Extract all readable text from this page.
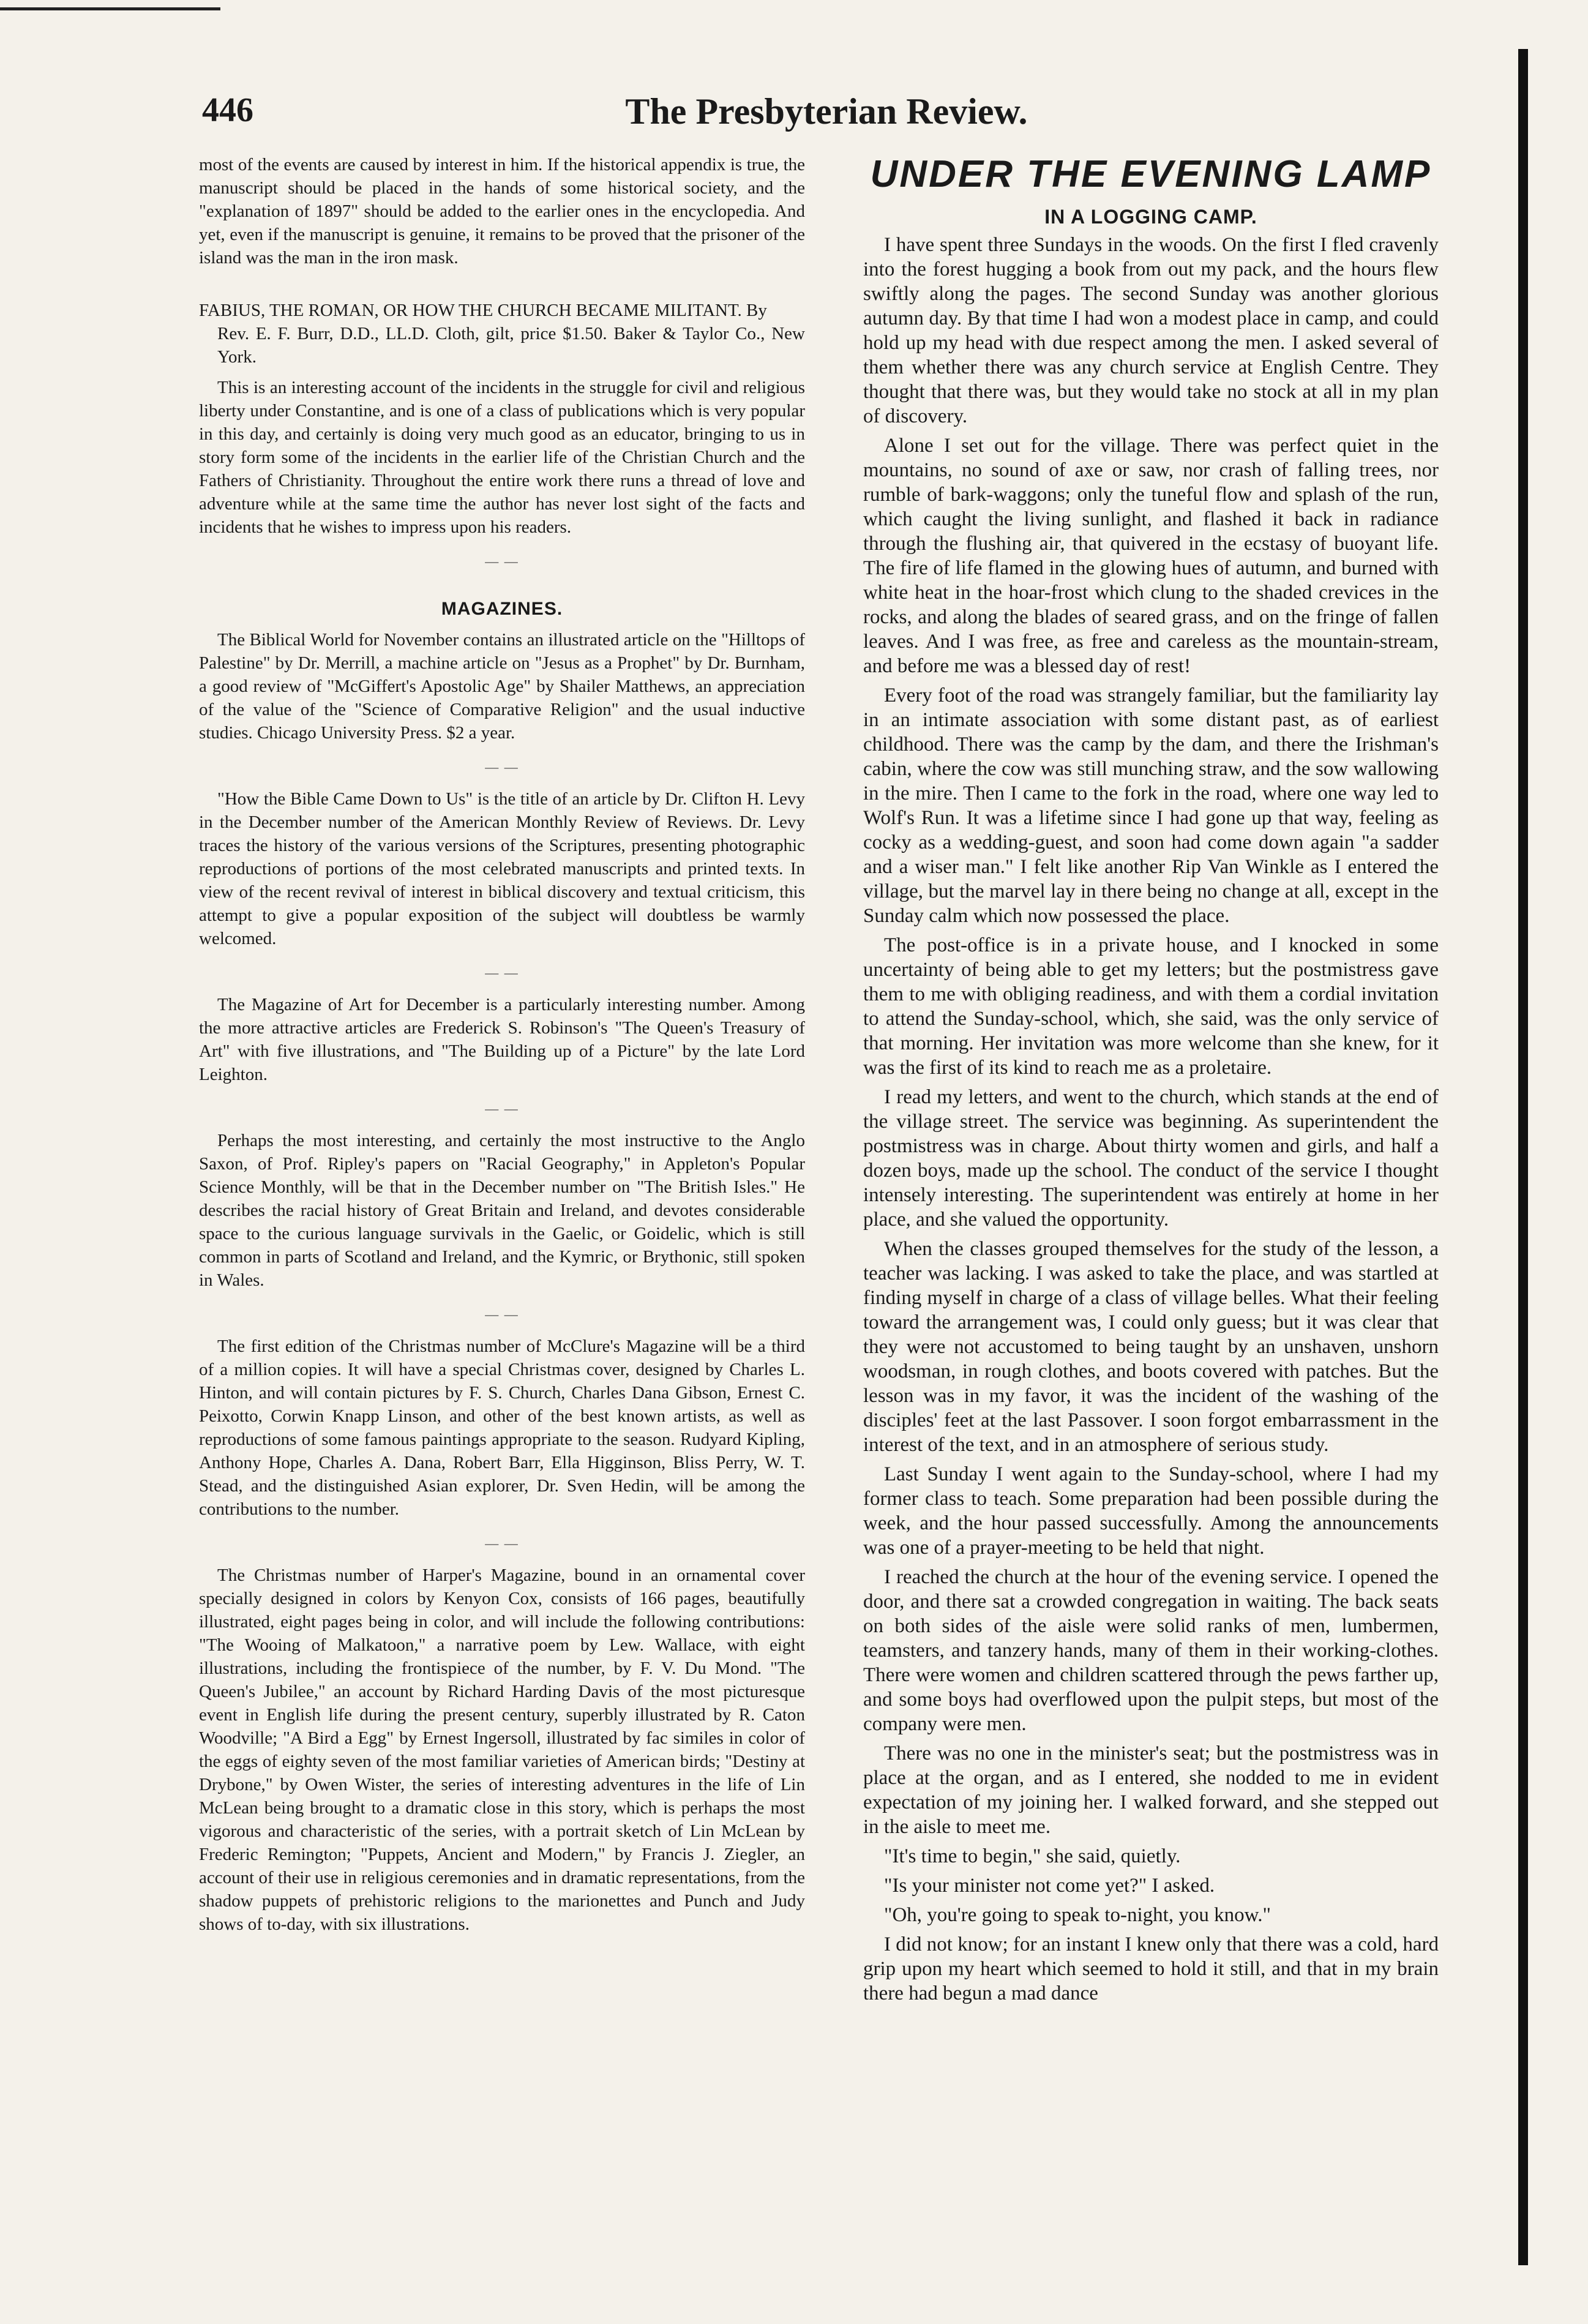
446	The Presbyterian Review.

most of the events are caused by interest in him. If the historical appendix is true, the manuscript should be placed in the hands of some historical society, and the "explanation of 1897" should be added to the earlier ones in the encyclopedia. And yet, even if the manuscript is genuine, it remains to be proved that the prisoner of the island was the man in the iron mask.

FABIUS, THE ROMAN, OR HOW THE CHURCH BECAME MILITANT. By
Rev. E. F. Burr, D.D., LL.D. Cloth, gilt, price $1.50. Baker & Taylor Co., New York.

This is an interesting account of the incidents in the struggle for civil and religious liberty under Constantine, and is one of a class of publications which is very popular in this day, and certainly is doing very much good as an educator, bringing to us in story form some of the incidents in the earlier life of the Christian Church and the Fathers of Christianity. Throughout the entire work there runs a thread of love and adventure while at the same time the author has never lost sight of the facts and incidents that he wishes to impress upon his readers.

— —
MAGAZINES.

The Biblical World for November contains an illustrated article on the "Hilltops of Palestine" by Dr. Merrill, a machine article on "Jesus as a Prophet" by Dr. Burnham, a good review of "McGiffert's Apostolic Age" by Shailer Matthews, an appreciation of the value of the "Science of Comparative Religion" and the usual inductive studies. Chicago University Press. $2 a year.

— —

"How the Bible Came Down to Us" is the title of an article by Dr. Clifton H. Levy in the December number of the American Monthly Review of Reviews. Dr. Levy traces the history of the various versions of the Scriptures, presenting photographic reproductions of portions of the most celebrated manuscripts and printed texts. In view of the recent revival of interest in biblical discovery and textual criticism, this attempt to give a popular exposition of the subject will doubtless be warmly welcomed.

— —

The Magazine of Art for December is a particularly interesting number. Among the more attractive articles are Frederick S. Robinson's "The Queen's Treasury of Art" with five illustrations, and "The Building up of a Picture" by the late Lord Leighton.

— —

Perhaps the most interesting, and certainly the most instructive to the Anglo Saxon, of Prof. Ripley's papers on "Racial Geography," in Appleton's Popular Science Monthly, will be that in the December number on "The British Isles." He describes the racial history of Great Britain and Ireland, and devotes considerable space to the curious language survivals in the Gaelic, or Goidelic, which is still common in parts of Scotland and Ireland, and the Kymric, or Brythonic, still spoken in Wales.

— —

The first edition of the Christmas number of McClure's Magazine will be a third of a million copies. It will have a special Christmas cover, designed by Charles L. Hinton, and will contain pictures by F. S. Church, Charles Dana Gibson, Ernest C. Peixotto, Corwin Knapp Linson, and other of the best known artists, as well as reproductions of some famous paintings appropriate to the season. Rudyard Kipling, Anthony Hope, Charles A. Dana, Robert Barr, Ella Higginson, Bliss Perry, W. T. Stead, and the distinguished Asian explorer, Dr. Sven Hedin, will be among the contributions to the number.

— —

The Christmas number of Harper's Magazine, bound in an ornamental cover specially designed in colors by Kenyon Cox, consists of 166 pages, beautifully illustrated, eight pages being in color, and will include the following contributions: "The Wooing of Malkatoon," a narrative poem by Lew. Wallace, with eight illustrations, including the frontispiece of the number, by F. V. Du Mond. "The Queen's Jubilee," an account by Richard Harding Davis of the most picturesque event in English life during the present century, superbly illustrated by R. Caton Woodville; "A Bird a Egg" by Ernest Ingersoll, illustrated by fac similes in color of the eggs of eighty seven of the most familiar varieties of American birds; "Destiny at Drybone," by Owen Wister, the series of interesting adventures in the life of Lin McLean being brought to a dramatic close in this story, which is perhaps the most vigorous and characteristic of the series, with a portrait sketch of Lin McLean by Frederic Remington; "Puppets, Ancient and Modern," by Francis J. Ziegler, an account of their use in religious ceremonies and in dramatic representations, from the shadow puppets of prehistoric religions to the marionettes and Punch and Judy shows of to-day, with six illustrations.

UNDER THE EVENING LAMP
IN A LOGGING CAMP.

I have spent three Sundays in the woods. On the first I fled cravenly into the forest hugging a book from out my pack, and the hours flew swiftly along the pages. The second Sunday was another glorious autumn day. By that time I had won a modest place in camp, and could hold up my head with due respect among the men. I asked several of them whether there was any church service at English Centre. They thought that there was, but they would take no stock at all in my plan of discovery.

Alone I set out for the village. There was perfect quiet in the mountains, no sound of axe or saw, nor crash of falling trees, nor rumble of bark-waggons; only the tuneful flow and splash of the run, which caught the living sunlight, and flashed it back in radiance through the flushing air, that quivered in the ecstasy of buoyant life. The fire of life flamed in the glowing hues of autumn, and burned with white heat in the hoar-frost which clung to the shaded crevices in the rocks, and along the blades of seared grass, and on the fringe of fallen leaves. And I was free, as free and careless as the mountain-stream, and before me was a blessed day of rest!

Every foot of the road was strangely familiar, but the familiarity lay in an intimate association with some distant past, as of earliest childhood. There was the camp by the dam, and there the Irishman's cabin, where the cow was still munching straw, and the sow wallowing in the mire. Then I came to the fork in the road, where one way led to Wolf's Run. It was a lifetime since I had gone up that way, feeling as cocky as a wedding-guest, and soon had come down again "a sadder and a wiser man." I felt like another Rip Van Winkle as I entered the village, but the marvel lay in there being no change at all, except in the Sunday calm which now possessed the place.

The post-office is in a private house, and I knocked in some uncertainty of being able to get my letters; but the postmistress gave them to me with obliging readiness, and with them a cordial invitation to attend the Sunday-school, which, she said, was the only service of that morning. Her invitation was more welcome than she knew, for it was the first of its kind to reach me as a proletaire.

I read my letters, and went to the church, which stands at the end of the village street. The service was beginning. As superintendent the postmistress was in charge. About thirty women and girls, and half a dozen boys, made up the school. The conduct of the service I thought intensely interesting. The superintendent was entirely at home in her place, and she valued the opportunity.

When the classes grouped themselves for the study of the lesson, a teacher was lacking. I was asked to take the place, and was startled at finding myself in charge of a class of village belles. What their feeling toward the arrangement was, I could only guess; but it was clear that they were not accustomed to being taught by an unshaven, unshorn woodsman, in rough clothes, and boots covered with patches. But the lesson was in my favor, it was the incident of the washing of the disciples' feet at the last Passover. I soon forgot embarrassment in the interest of the text, and in an atmosphere of serious study.

Last Sunday I went again to the Sunday-school, where I had my former class to teach. Some preparation had been possible during the week, and the hour passed successfully. Among the announcements was one of a prayer-meeting to be held that night.

I reached the church at the hour of the evening service. I opened the door, and there sat a crowded congregation in waiting. The back seats on both sides of the aisle were solid ranks of men, lumbermen, teamsters, and tanzery hands, many of them in their working-clothes. There were women and children scattered through the pews farther up, and some boys had overflowed upon the pulpit steps, but most of the company were men.

There was no one in the minister's seat; but the postmistress was in place at the organ, and as I entered, she nodded to me in evident expectation of my joining her. I walked forward, and she stepped out in the aisle to meet me.

"It's time to begin," she said, quietly.

"Is your minister not come yet?" I asked.

"Oh, you're going to speak to-night, you know."

I did not know; for an instant I knew only that there was a cold, hard grip upon my heart which seemed to hold it still, and that in my brain there had begun a mad dance
